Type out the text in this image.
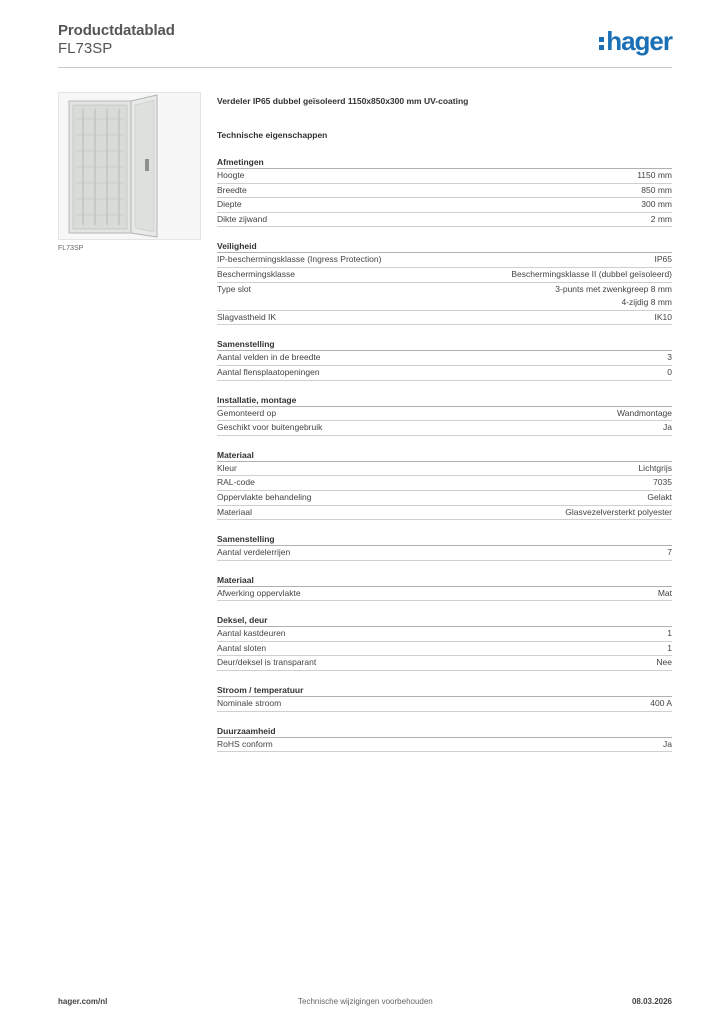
Productdatablad
FL73SP	hager
FL73SP
Verdeler IP65 dubbel geïsoleerd 1150x850x300 mm UV-coating
Technische eigenschappen
Afmetingen
Hoogte	1150 mm
Breedte	850 mm
Diepte	300 mm
Dikte zijwand	2 mm
Veiligheid
IP-beschermingsklasse (Ingress Protection)	IP65
Beschermingsklasse	Beschermingsklasse II (dubbel geïsoleerd)
Type slot	3-punts met zwenkgreep 8 mm
4-zijdig 8 mm
Slagvastheid IK	IK10
Samenstelling
Aantal velden in de breedte	3
Aantal flensplaatopeningen	0
Installatie, montage
Gemonteerd op	Wandmontage
Geschikt voor buitengebruik	Ja
Materiaal
Kleur	Lichtgrijs
RAL-code	7035
Oppervlakte behandeling	Gelakt
Materiaal	Glasvezelversterkt polyester
Samenstelling
Aantal verdelerrijen	7
Materiaal
Afwerking oppervlakte	Mat
Deksel, deur
Aantal kastdeuren	1
Aantal sloten	1
Deur/deksel is transparant	Nee
Stroom / temperatuur
Nominale stroom	400 A
Duurzaamheid
RoHS conform	Ja
hager.com/nl	Technische wijzigingen voorbehouden	08.03.2026
